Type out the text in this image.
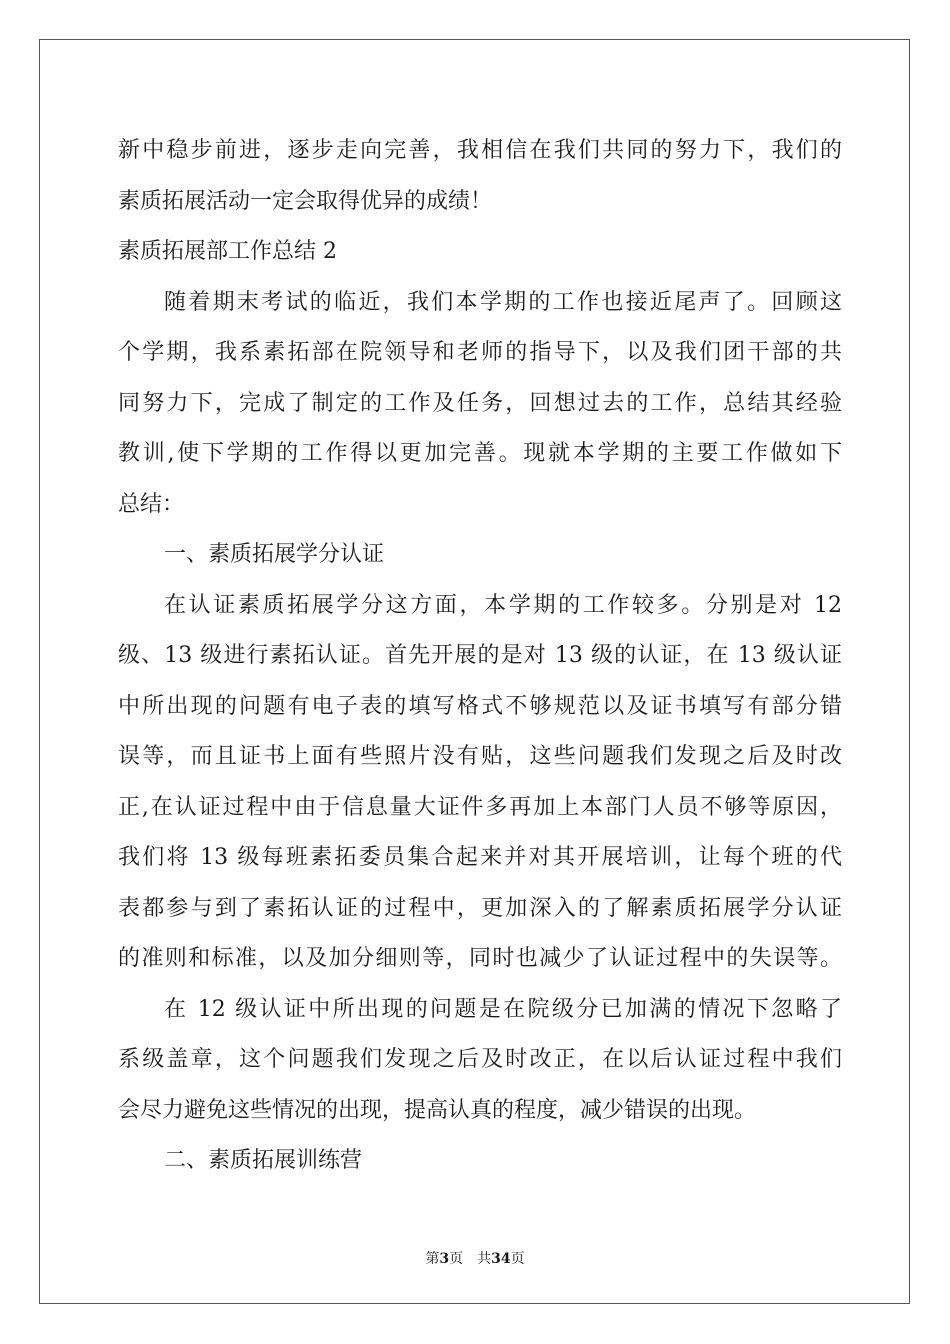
新中稳步前进，逐步走向完善，我相信在我们共同的努力下，我们的
素质拓展活动一定会取得优异的成绩！
素质拓展部工作总结 2
随着期末考试的临近，我们本学期的工作也接近尾声了。回顾这
个学期，我系素拓部在院领导和老师的指导下，以及我们团干部的共
同努力下，完成了制定的工作及任务，回想过去的工作，总结其经验
教训,使下学期的工作得以更加完善。现就本学期的主要工作做如下
总结：
一、素质拓展学分认证
在认证素质拓展学分这方面，本学期的工作较多。分别是对 12
级、13 级进行素拓认证。首先开展的是对 13 级的认证，在 13 级认证
中所出现的问题有电子表的填写格式不够规范以及证书填写有部分错
误等，而且证书上面有些照片没有贴，这些问题我们发现之后及时改
正,在认证过程中由于信息量大证件多再加上本部门人员不够等原因，
我们将 13 级每班素拓委员集合起来并对其开展培训，让每个班的代
表都参与到了素拓认证的过程中，更加深入的了解素质拓展学分认证
的准则和标准，以及加分细则等，同时也减少了认证过程中的失误等。
在 12 级认证中所出现的问题是在院级分已加满的情况下忽略了
系级盖章，这个问题我们发现之后及时改正，在以后认证过程中我们
会尽力避免这些情况的出现，提高认真的程度，减少错误的出现。
二、素质拓展训练营
第3页 共34页
